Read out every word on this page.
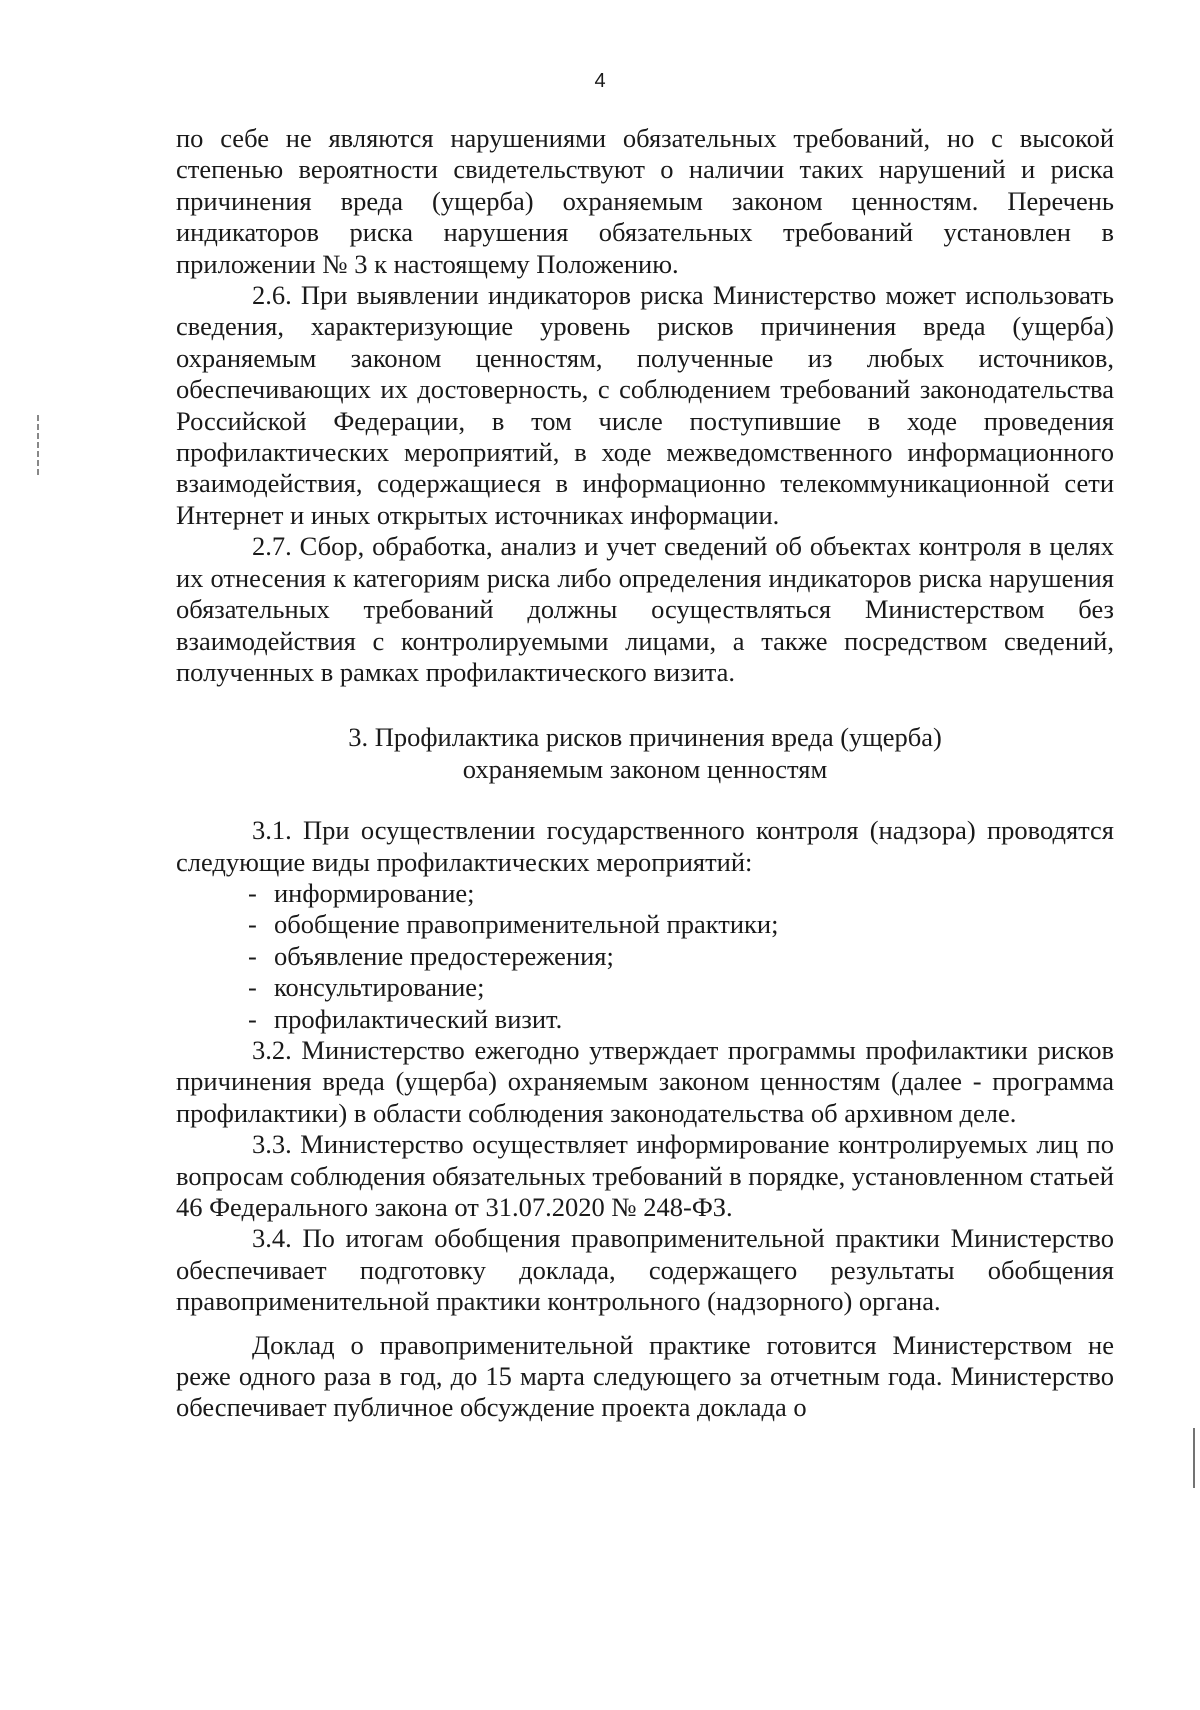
4

по себе не являются нарушениями обязательных требований, но с высокой степенью вероятности свидетельствуют о наличии таких нарушений и риска причинения вреда (ущерба) охраняемым законом ценностям. Перечень индикаторов риска нарушения обязательных требований установлен в приложении № 3 к настоящему Положению.

2.6. При выявлении индикаторов риска Министерство может использовать сведения, характеризующие уровень рисков причинения вреда (ущерба) охраняемым законом ценностям, полученные из любых источников, обеспечивающих их достоверность, с соблюдением требований законодательства Российской Федерации, в том числе поступившие в ходе проведения профилактических мероприятий, в ходе межведомственного информационного взаимодействия, содержащиеся в информационно телекоммуникационной сети Интернет и иных открытых источниках информации.

2.7. Сбор, обработка, анализ и учет сведений об объектах контроля в целях их отнесения к категориям риска либо определения индикаторов риска нарушения обязательных требований должны осуществляться Министерством без взаимодействия с контролируемыми лицами, а также посредством сведений, полученных в рамках профилактического визита.

3. Профилактика рисков причинения вреда (ущерба)

охраняемым законом ценностям

3.1. При осуществлении государственного контроля (надзора) проводятся следующие виды профилактических мероприятий:

- информирование;
- обобщение правоприменительной практики;
- объявление предостережения;
- консультирование;
- профилактический визит.

3.2. Министерство ежегодно утверждает программы профилактики рисков причинения вреда (ущерба) охраняемым законом ценностям (далее - программа профилактики) в области соблюдения законодательства об архивном деле.

3.3. Министерство осуществляет информирование контролируемых лиц по вопросам соблюдения обязательных требований в порядке, установленном статьей 46 Федерального закона от 31.07.2020 № 248-ФЗ.

3.4. По итогам обобщения правоприменительной практики Министерство обеспечивает подготовку доклада, содержащего результаты обобщения правоприменительной практики контрольного (надзорного) органа.

Доклад о правоприменительной практике готовится Министерством не реже одного раза в год, до 15 марта следующего за отчетным года. Министерство обеспечивает публичное обсуждение проекта доклада о
